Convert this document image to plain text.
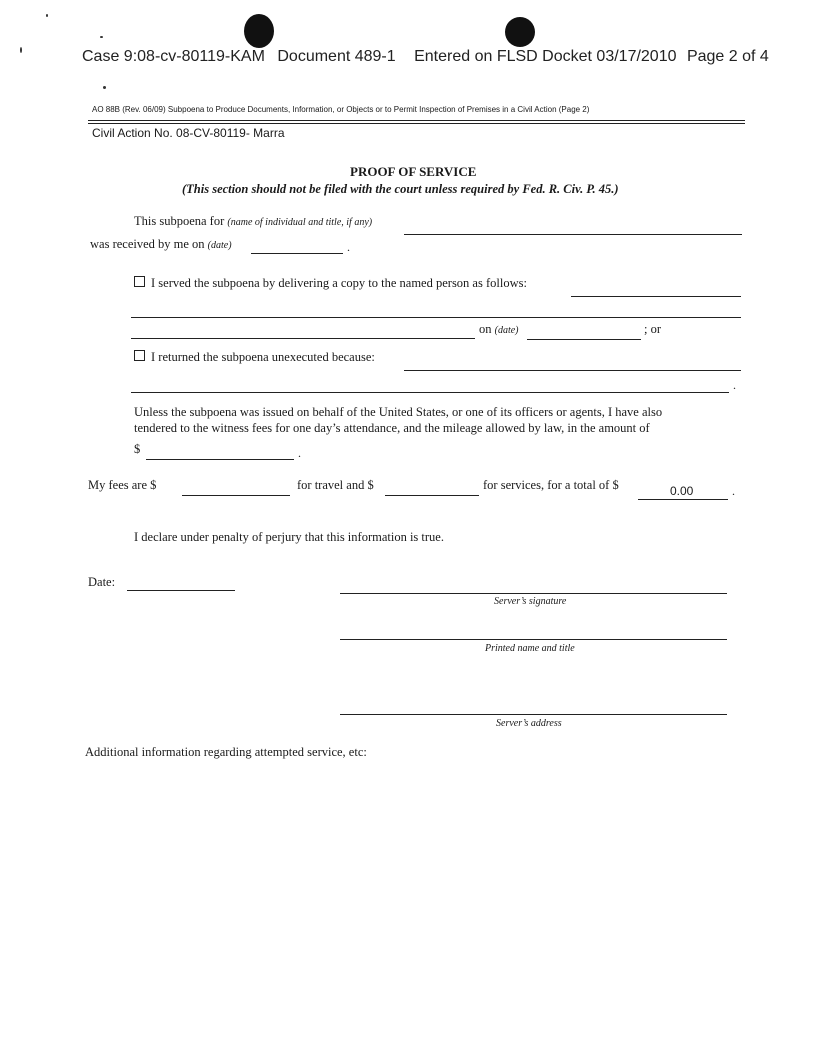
Case 9:08-cv-80119-KAM Document 489-1 Entered on FLSD Docket 03/17/2010 Page 2 of 4
AO 88B (Rev. 06/09) Subpoena to Produce Documents, Information, or Objects or to Permit Inspection of Premises in a Civil Action (Page 2)
Civil Action No. 08-CV-80119- Marra
PROOF OF SERVICE
(This section should not be filed with the court unless required by Fed. R. Civ. P. 45.)
This subpoena for (name of individual and title, if any)
was received by me on (date)	.
I served the subpoena by delivering a copy to the named person as follows:
on (date)	; or
I returned the subpoena unexecuted because:
.
Unless the subpoena was issued on behalf of the United States, or one of its officers or agents, I have also
tendered to the witness fees for one day’s attendance, and the mileage allowed by law, in the amount of
$	.
My fees are $	for travel and $	for services, for a total of $	0.00	.
I declare under penalty of perjury that this information is true.
Date:
Server’s signature
Printed name and title
Server’s address
Additional information regarding attempted service, etc:
